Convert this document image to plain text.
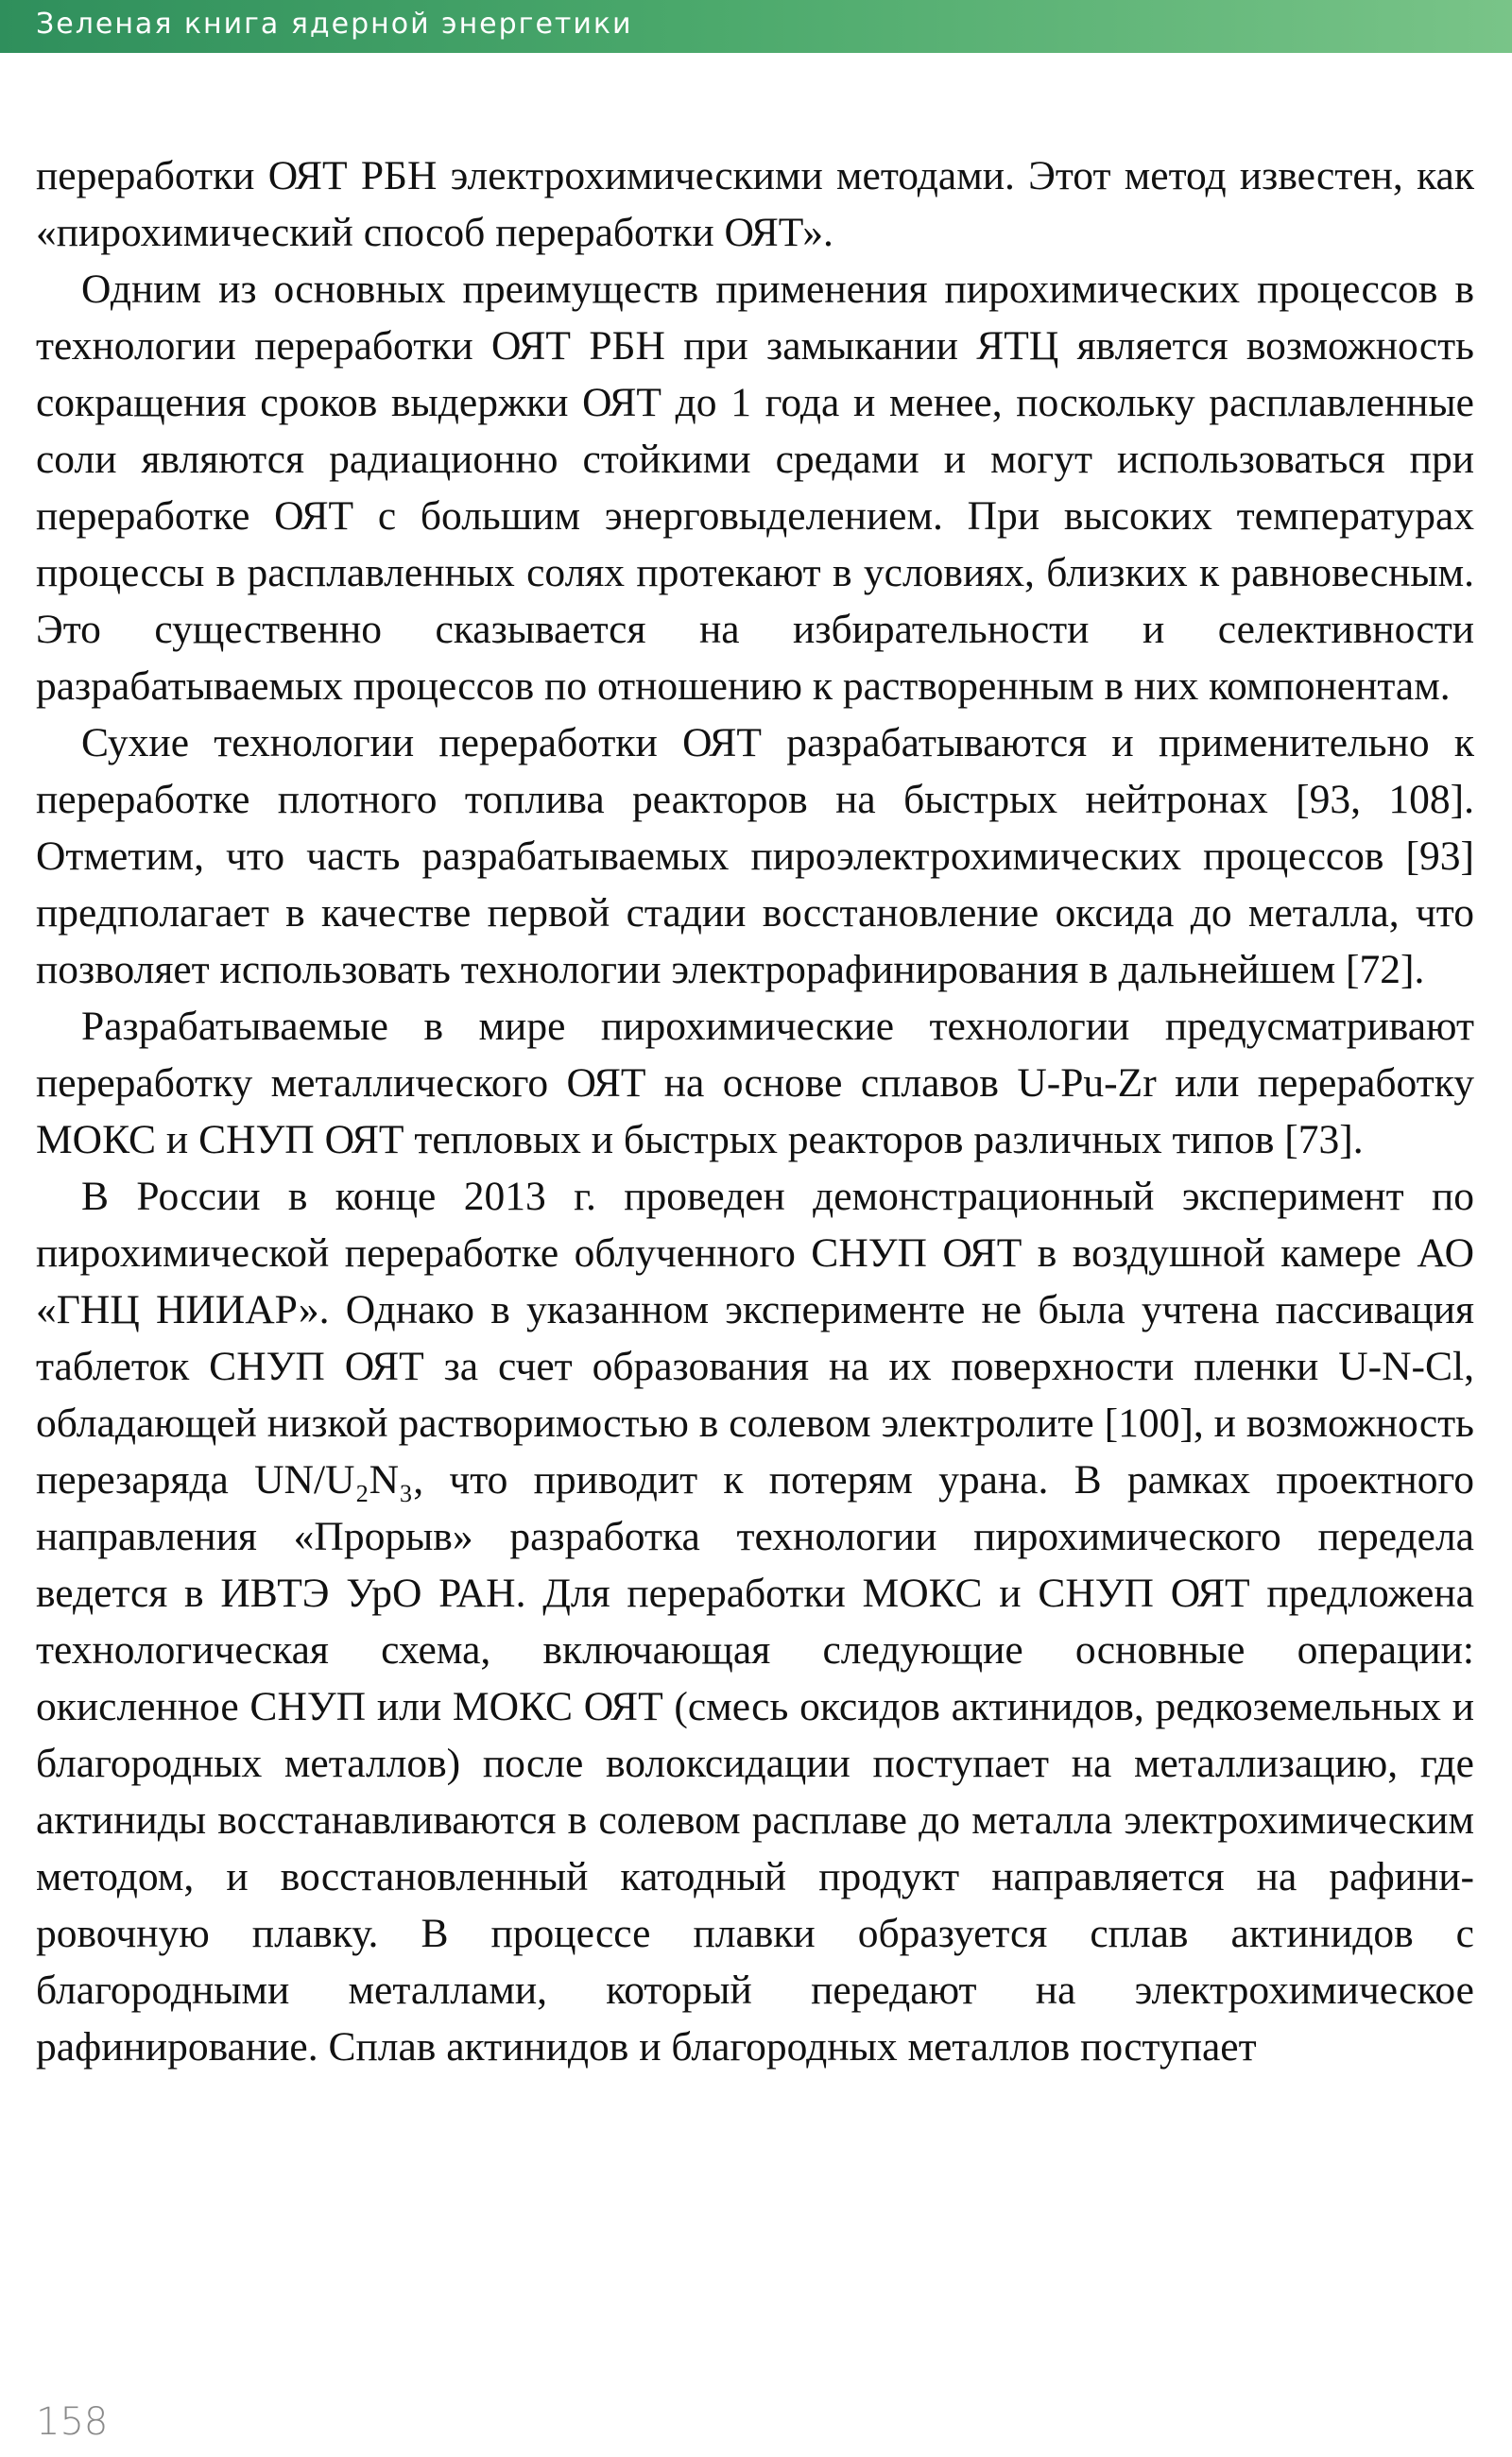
Зеленая книга ядерной энергетики

переработки ОЯТ РБН электрохимическими методами. Этот метод известен, как «пирохимический способ переработки ОЯТ».

Одним из основных преимуществ применения пирохимических процессов в технологии переработки ОЯТ РБН при замыкании ЯТЦ является возможность сокращения сроков выдержки ОЯТ до 1 года и менее, поскольку расплавленные соли являются радиационно стойкими средами и могут использоваться при переработке ОЯТ с большим энерговыделением. При высоких температурах процессы в расплавленных солях протекают в условиях, близких к равновесным. Это существенно сказывается на избирательности и селективности разрабатываемых процессов по отношению к растворенным в них компонентам.

Сухие технологии переработки ОЯТ разрабатываются и применительно к переработке плотного топлива реакторов на быстрых нейтронах [93, 108]. Отметим, что часть разрабатываемых пироэлектрохимических процессов [93] предполагает в качестве первой стадии восстановление оксида до металла, что позволяет использовать технологии электрорафинирования в дальнейшем [72].

Разрабатываемые в мире пирохимические технологии предусматривают переработку металлического ОЯТ на основе сплавов U-Pu-Zr или переработку МОКС и СНУП ОЯТ тепловых и быстрых реакторов различных типов [73].

В России в конце 2013 г. проведен демонстрационный эксперимент по пирохимической переработке облученного СНУП ОЯТ в воздушной камере АО «ГНЦ НИИАР». Однако в указанном эксперименте не была учтена пассивация таблеток СНУП ОЯТ за счет образования на их поверхности пленки U-N-Cl, обладающей низкой растворимостью в солевом электролите [100], и возможность перезаряда UN/U₂N₃, что приводит к потерям урана. В рамках проектного направления «Прорыв» разработка технологии пирохимического передела ведется в ИВТЭ УрО РАН. Для переработки МОКС и СНУП ОЯТ предложена технологическая схема, включающая следующие основные операции: окисленное СНУП или МОКС ОЯТ (смесь оксидов актинидов, редкоземельных и благородных металлов) после волоксидации поступает на металлизацию, где актиниды восстанавливаются в солевом расплаве до металла электрохимическим методом, и восстановленный катодный продукт направляется на рафинировочную плавку. В процессе плавки образуется сплав актинидов с благородными металлами, который передают на электрохимическое рафинирование. Сплав актинидов и благородных металлов поступает

158
